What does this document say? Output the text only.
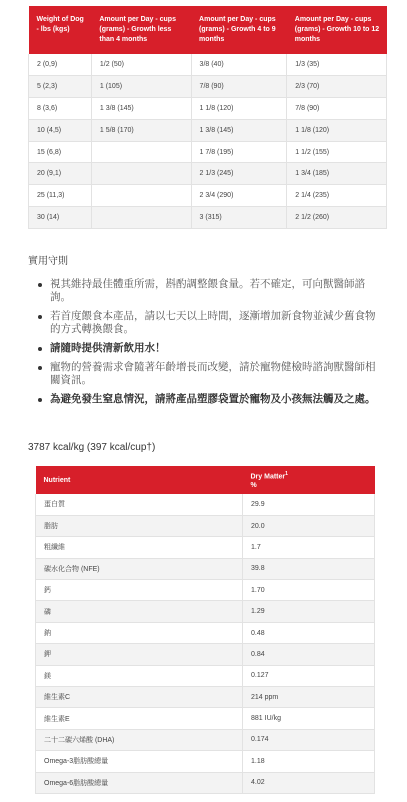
Weight of Dog - lbs (kgs)	Amount per Day - cups (grams) - Growth less than 4 months	Amount per Day - cups (grams) - Growth 4 to 9 months	Amount per Day - cups (grams) - Growth 10 to 12 months
2 (0,9)	1/2 (50)	3/8 (40)	1/3 (35)
5 (2,3)	1 (105)	7/8 (90)	2/3 (70)
8 (3,6)	1 3/8 (145)	1 1/8 (120)	7/8 (90)
10 (4,5)	1 5/8 (170)	1 3/8 (145)	1 1/8 (120)
15 (6,8)		1 7/8 (195)	1 1/2 (155)
20 (9,1)		2 1/3 (245)	1 3/4 (185)
25 (11,3)		2 3/4 (290)	2 1/4 (235)
30 (14)		3 (315)	2 1/2 (260)
實用守則
視其維持最佳體重所需，斟酌調整餵食量。若不確定，可向獸醫師諮詢。
若首度餵食本產品，請以七天以上時間，逐漸增加新食物並減少舊食物的方式轉換餵食。
請隨時提供清新飲用水！
寵物的營養需求會隨著年齡增長而改變，請於寵物健檢時諮詢獸醫師相關資訊。
為避免發生窒息情況，請將產品塑膠袋置於寵物及小孩無法觸及之處。

3787 kcal/kg (397 kcal/cup†)

Nutrient	Dry Matter$^1$
%
蛋白質	29.9
脂肪	20.0
粗纖維	1.7
碳水化合物 (NFE)	39.8
鈣	1.70
磷	1.29
鈉	0.48
鉀	0.84
鎂	0.127
維生素C	214 ppm
維生素E	881 IU/kg
二十二碳六烯酸 (DHA)	0.174
Omega-3脂肪酸總量	1.18
Omega-6脂肪酸總量	4.02
